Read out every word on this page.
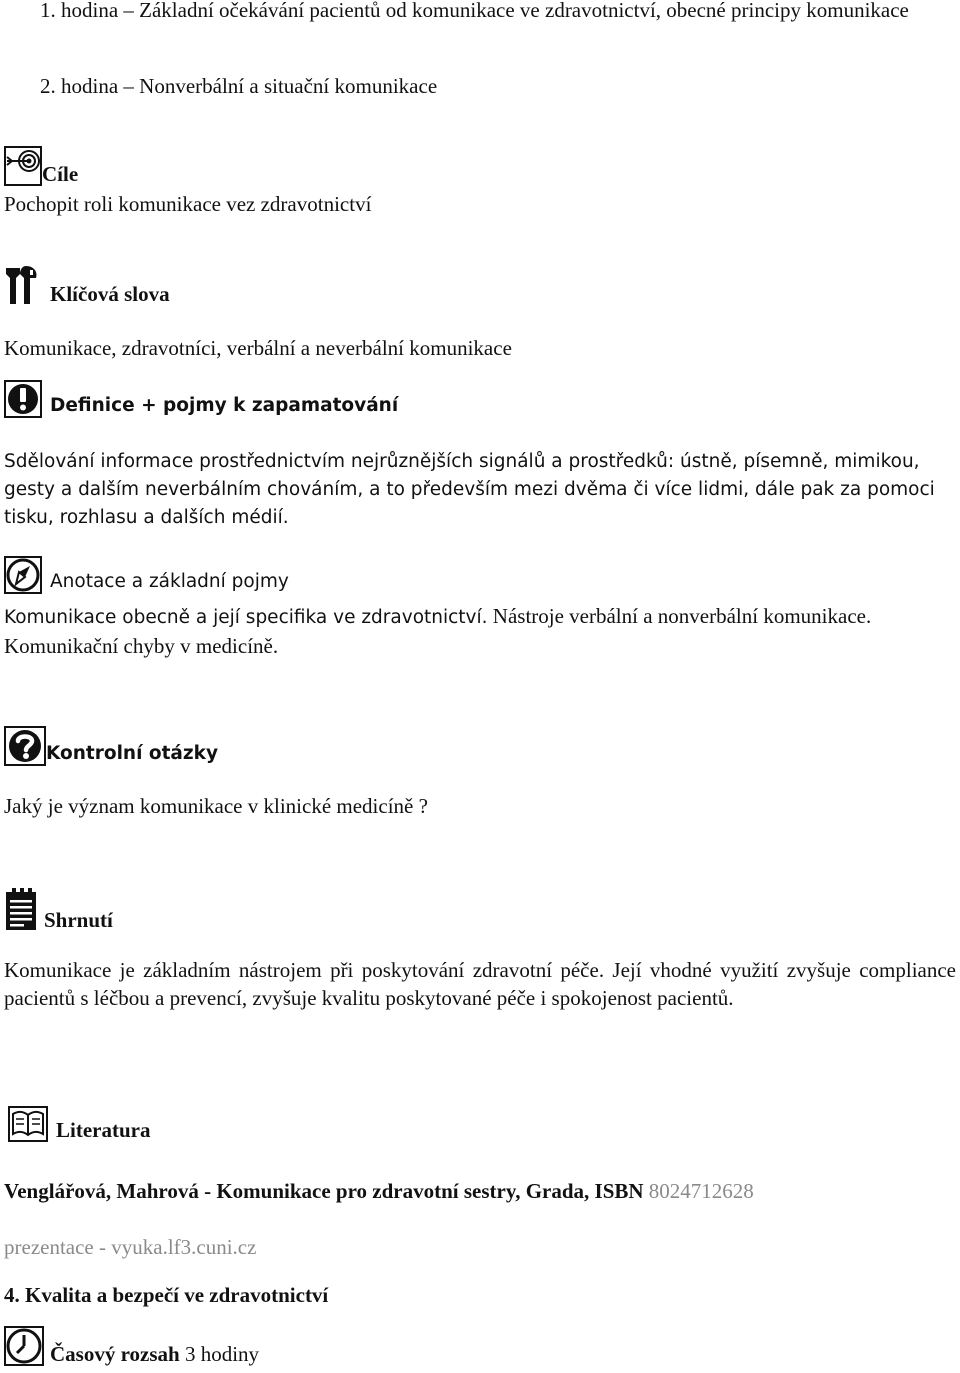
1. hodina – Základní očekávání pacientů od komunikace ve zdravotnictví, obecné principy komunikace
2. hodina – Nonverbální a situační komunikace
Cíle
Pochopit roli komunikace vez zdravotnictví
Klíčová slova
Komunikace, zdravotníci, verbální a neverbální komunikace
Definice + pojmy k zapamatování
Sdělování informace prostřednictvím nejrůznějších signálů a prostředků: ústně, písemně, mimikou, gesty a dalším neverbálním chováním, a to především mezi dvěma či více lidmi, dále pak za pomoci tisku, rozhlasu a dalších médií.
Anotace a základní pojmy
Komunikace obecně a její specifika ve zdravotnictví. Nástroje verbální a nonverbální komunikace. Komunikační chyby v medicíně.
Kontrolní otázky
Jaký je význam komunikace v klinické medicíně ?
Shrnutí
Komunikace je základním nástrojem při poskytování zdravotní péče. Její vhodné využití zvyšuje compliance pacientů s léčbou a prevencí, zvyšuje kvalitu poskytované péče i spokojenost pacientů.
Literatura
Venglářová, Mahrová - Komunikace pro zdravotní sestry, Grada, ISBN 8024712628
prezentace - vyuka.lf3.cuni.cz
4. Kvalita a bezpečí ve zdravotnictví
Časový rozsah 3 hodiny
